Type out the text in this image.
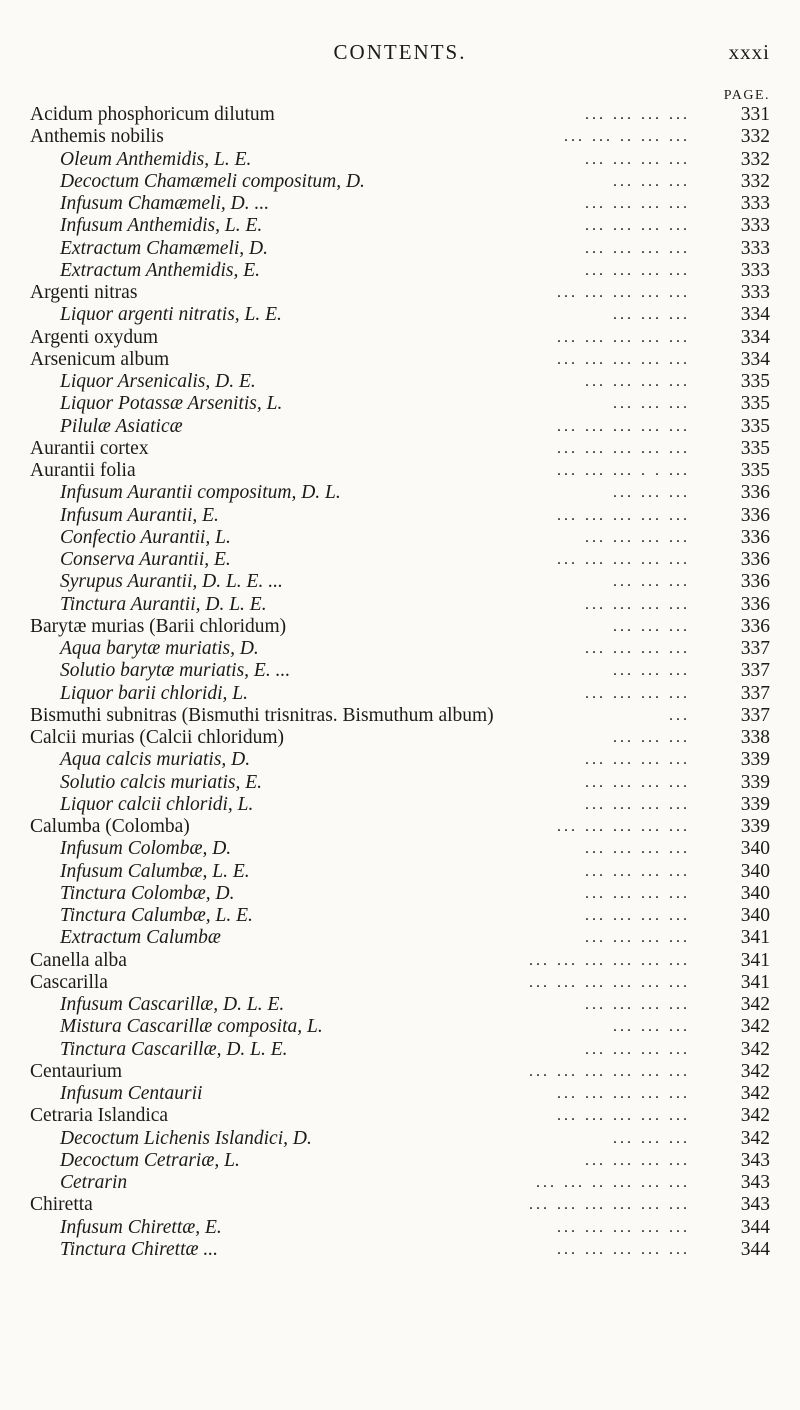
CONTENTS.	xxxi
PAGE.
Acidum phosphoricum dilutum	... ... ... ...	331
Anthemis nobilis	... ... .. ... ...	332
Oleum Anthemidis, L. E.	... ... ... ...	332
Decoctum Chamæmeli compositum, D.	... ... ...	332
Infusum Chamæmeli, D. ...	... ... ... ...	333
Infusum Anthemidis, L. E.	... ... ... ...	333
Extractum Chamæmeli, D.	... ... ... ...	333
Extractum Anthemidis, E.	... ... ... ...	333
Argenti nitras	... ... ... ... ...	333
Liquor argenti nitratis, L. E.	... ... ...	334
Argenti oxydum	... ... ... ... ...	334
Arsenicum album	... ... ... ... ...	334
Liquor Arsenicalis, D. E.	... ... ... ...	335
Liquor Potassæ Arsenitis, L.	... ... ...	335
Pilulæ Asiaticæ	... ... ... ... ...	335
Aurantii cortex	... ... ... ... ...	335
Aurantii folia	... ... ... . . ...	335
Infusum Aurantii compositum, D. L.	... ... ...	336
Infusum Aurantii, E.	... ... ... ... ...	336
Confectio Aurantii, L.	... ... ... ...	336
Conserva Aurantii, E.	... ... ... ... ...	336
Syrupus Aurantii, D. L. E. ...	... ... ...	336
Tinctura Aurantii, D. L. E.	... ... ... ...	336
Barytæ murias (Barii chloridum)	... ... ...	336
Aqua barytæ muriatis, D.	... ... ... ...	337
Solutio barytæ muriatis, E. ...	... ... ...	337
Liquor barii chloridi, L.	... ... ... ...	337
Bismuthi subnitras (Bismuthi trisnitras. Bismuthum album)	...	337
Calcii murias (Calcii chloridum)	... ... ...	338
Aqua calcis muriatis, D.	... ... ... ...	339
Solutio calcis muriatis, E.	... ... ... ...	339
Liquor calcii chloridi, L.	... ... ... ...	339
Calumba (Colomba)	... ... ... ... ...	339
Infusum Colombæ, D.	... ... ... ...	340
Infusum Calumbæ, L. E.	... ... ... ...	340
Tinctura Colombæ, D.	... ... ... ...	340
Tinctura Calumbæ, L. E.	... ... ... ...	340
Extractum Calumbæ	... ... ... ...	341
Canella alba	... ... ... ... ... ...	341
Cascarilla	... ... ... ... ... ...	341
Infusum Cascarillæ, D. L. E.	... ... ... ...	342
Mistura Cascarillæ composita, L.	... ... ...	342
Tinctura Cascarillæ, D. L. E.	... ... ... ...	342
Centaurium	... ... ... ... ... ...	342
Infusum Centaurii	... ... ... ... ...	342
Cetraria Islandica	... ... ... ... ...	342
Decoctum Lichenis Islandici, D.	... ... ...	342
Decoctum Cetrariæ, L.	... ... ... ...	343
Cetrarin	... ... .. ... ... ...	343
Chiretta	... ... ... ... ... ...	343
Infusum Chirettæ, E.	... ... ... ... ...	344
Tinctura Chirettæ ...	... ... ... ... ...	344
